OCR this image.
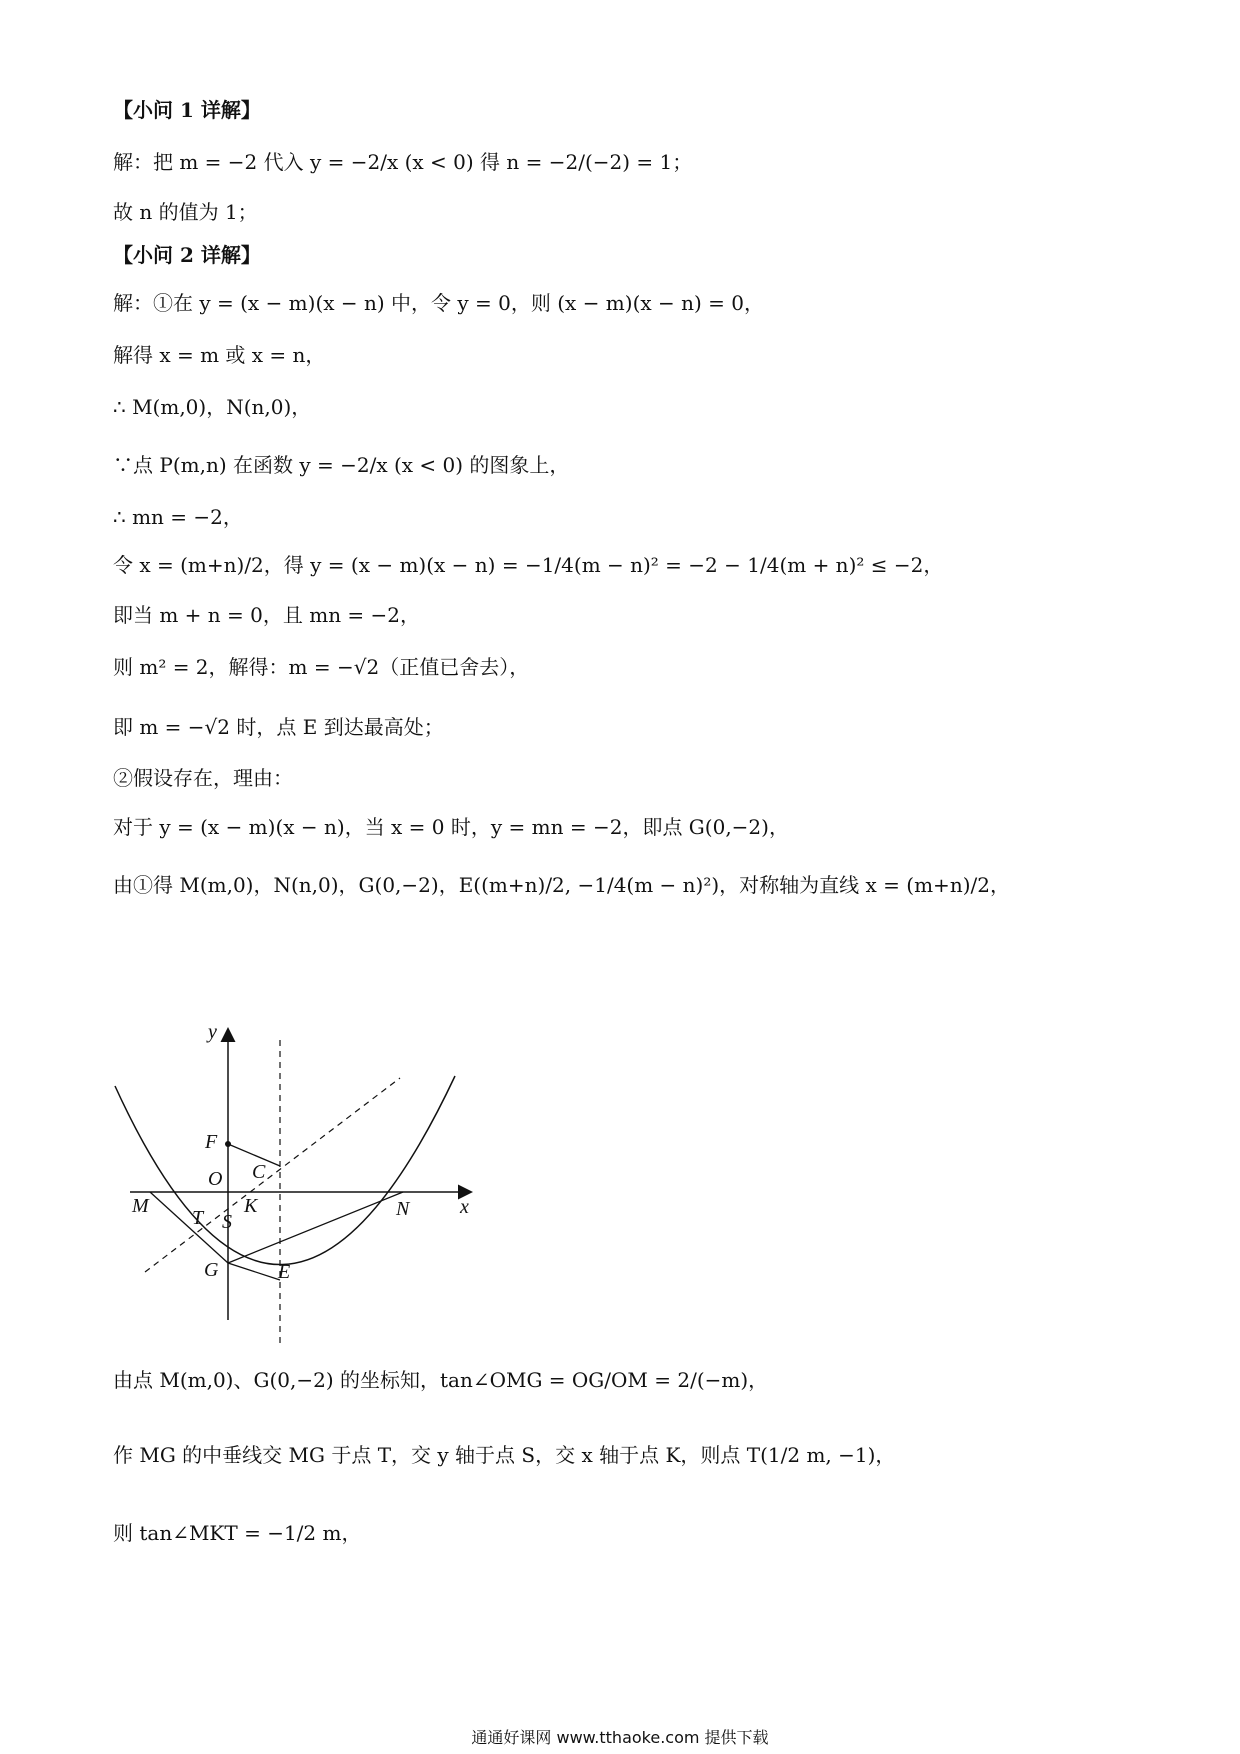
【小问 1 详解】
解：把 m = −2 代入 y = −2/x (x < 0) 得 n = −2/(−2) = 1；
故 n 的值为 1；
【小问 2 详解】
解：①在 y = (x − m)(x − n) 中，令 y = 0，则 (x − m)(x − n) = 0，
解得 x = m 或 x = n，
∴ M(m,0)，N(n,0)，
∵点 P(m,n) 在函数 y = −2/x (x < 0) 的图象上，
∴ mn = −2，
令 x = (m+n)/2，得 y = (x − m)(x − n) = −1/4(m − n)² = −2 − 1/4(m + n)² ≤ −2，
即当 m + n = 0，且 mn = −2，
则 m² = 2，解得：m = −√2（正值已舍去），
即 m = −√2 时，点 E 到达最高处；
②假设存在，理由：
对于 y = (x − m)(x − n)，当 x = 0 时，y = mn = −2，即点 G(0,−2)，
由①得 M(m,0)，N(n,0)，G(0,−2)，E((m+n)/2, −1/4(m − n)²)，对称轴为直线 x = (m+n)/2，
y
F
O C
M	K	N	x
T S
G	E
由点 M(m,0)、G(0,−2) 的坐标知，tan∠OMG = OG/OM = 2/(−m)，
作 MG 的中垂线交 MG 于点 T，交 y 轴于点 S，交 x 轴于点 K，则点 T(1/2 m, −1)，
则 tan∠MKT = −1/2 m，
通通好课网 www.tthaoke.com 提供下载
